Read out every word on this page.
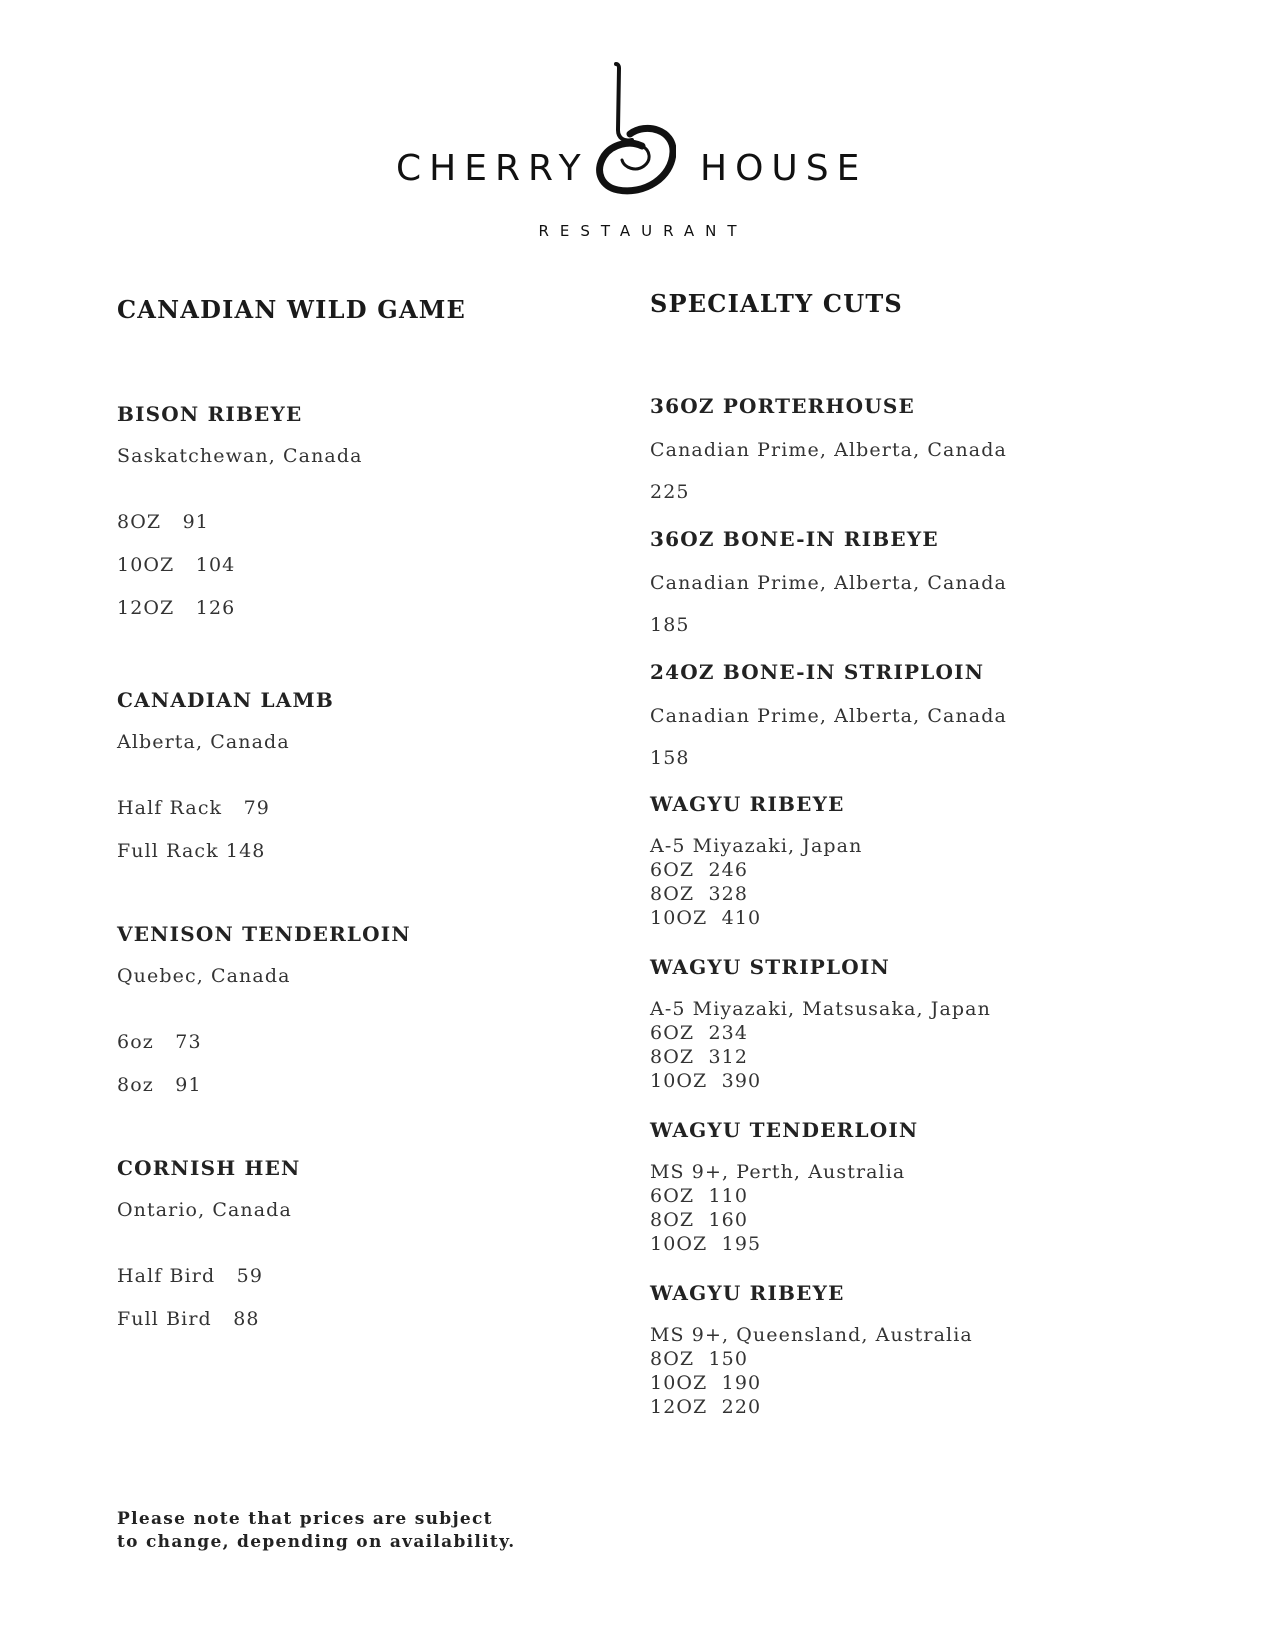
CHERRY	HOUSE
RESTAURANT
CANADIAN WILD GAME

BISON RIBEYE

Saskatchewan, Canada

8OZ   91

10OZ   104

12OZ   126

CANADIAN LAMB

Alberta, Canada

Half Rack   79

Full Rack 148

VENISON TENDERLOIN

Quebec, Canada

6oz   73

8oz   91

CORNISH HEN

Ontario, Canada

Half Bird   59

Full Bird   88

SPECIALTY CUTS

36OZ PORTERHOUSE

Canadian Prime, Alberta, Canada

225

36OZ BONE-IN RIBEYE

Canadian Prime, Alberta, Canada

185

24OZ BONE-IN STRIPLOIN

Canadian Prime, Alberta, Canada

158

WAGYU RIBEYE

A-5 Miyazaki, Japan

6OZ  246

8OZ  328

10OZ  410

WAGYU STRIPLOIN

A-5 Miyazaki, Matsusaka, Japan

6OZ  234

8OZ  312

10OZ  390

WAGYU TENDERLOIN

MS 9+, Perth, Australia

6OZ  110

8OZ  160

10OZ  195

WAGYU RIBEYE

MS 9+, Queensland, Australia

8OZ  150

10OZ  190

12OZ  220

Please note that prices are subject to change, depending on availability.
